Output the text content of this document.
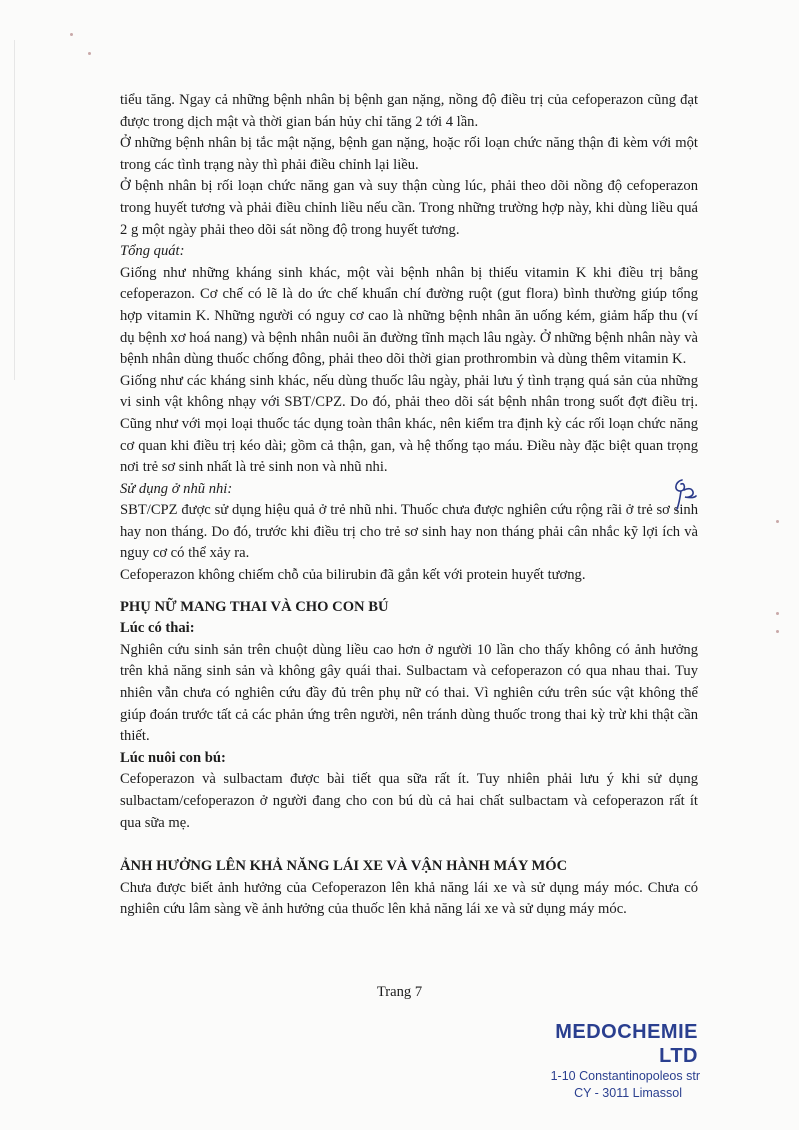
tiểu tăng. Ngay cả những bệnh nhân bị bệnh gan nặng, nồng độ điều trị của cefoperazon cũng đạt được trong dịch mật và thời gian bán hủy chỉ tăng 2 tới 4 lần.

Ở những bệnh nhân bị tắc mật nặng, bệnh gan nặng, hoặc rối loạn chức năng thận đi kèm với một trong các tình trạng này thì phải điều chỉnh lại liều.

Ở bệnh nhân bị rối loạn chức năng gan và suy thận cùng lúc, phải theo dõi nồng độ cefoperazon trong huyết tương và phải điều chỉnh liều nếu cần. Trong những trường hợp này, khi dùng liều quá 2 g một ngày phải theo dõi sát nồng độ trong huyết tương.

Tổng quát:

Giống như những kháng sinh khác, một vài bệnh nhân bị thiếu vitamin K khi điều trị bằng cefoperazon. Cơ chế có lẽ là do ức chế khuẩn chí đường ruột (gut flora) bình thường giúp tổng hợp vitamin K. Những người có nguy cơ cao là những bệnh nhân ăn uống kém, giảm hấp thu (ví dụ bệnh xơ hoá nang) và bệnh nhân nuôi ăn đường tĩnh mạch lâu ngày. Ở những bệnh nhân này và bệnh nhân dùng thuốc chống đông, phải theo dõi thời gian prothrombin và dùng thêm vitamin K.

Giống như các kháng sinh khác, nếu dùng thuốc lâu ngày, phải lưu ý tình trạng quá sản của những vi sinh vật không nhạy với SBT/CPZ. Do đó, phải theo dõi sát bệnh nhân trong suốt đợt điều trị. Cũng như với mọi loại thuốc tác dụng toàn thân khác, nên kiểm tra định kỳ các rối loạn chức năng cơ quan khi điều trị kéo dài; gồm cả thận, gan, và hệ thống tạo máu. Điều này đặc biệt quan trọng nơi trẻ sơ sinh nhất là trẻ sinh non và nhũ nhi.

Sử dụng ở nhũ nhi:

SBT/CPZ được sử dụng hiệu quả ở trẻ nhũ nhi. Thuốc chưa được nghiên cứu rộng rãi ở trẻ sơ sinh hay non tháng. Do đó, trước khi điều trị cho trẻ sơ sinh hay non tháng phải cân nhắc kỹ lợi ích và nguy cơ có thể xảy ra.

Cefoperazon không chiếm chỗ của bilirubin đã gắn kết với protein huyết tương.

PHỤ NỮ MANG THAI VÀ CHO CON BÚ

Lúc có thai:

Nghiên cứu sinh sản trên chuột dùng liều cao hơn ở người 10 lần cho thấy không có ảnh hưởng trên khả năng sinh sản và không gây quái thai. Sulbactam và cefoperazon có qua nhau thai. Tuy nhiên vẫn chưa có nghiên cứu đầy đủ trên phụ nữ có thai. Vì nghiên cứu trên súc vật không thể giúp đoán trước tất cả các phản ứng trên người, nên tránh dùng thuốc trong thai kỳ trừ khi thật cần thiết.

Lúc nuôi con bú:

Cefoperazon và sulbactam được bài tiết qua sữa rất ít. Tuy nhiên phải lưu ý khi sử dụng sulbactam/cefoperazon ở người đang cho con bú dù cả hai chất sulbactam và cefoperazon rất ít qua sữa mẹ.

ẢNH HƯỞNG LÊN KHẢ NĂNG LÁI XE VÀ VẬN HÀNH MÁY MÓC

Chưa được biết ảnh hưởng của Cefoperazon lên khả năng lái xe và sử dụng máy móc. Chưa có nghiên cứu lâm sàng về ảnh hưởng của thuốc lên khả năng lái xe và sử dụng máy móc.

Trang 7
MEDOCHEMIE LTD
1-10 Constantinopoleos str
CY - 3011 Limassol
